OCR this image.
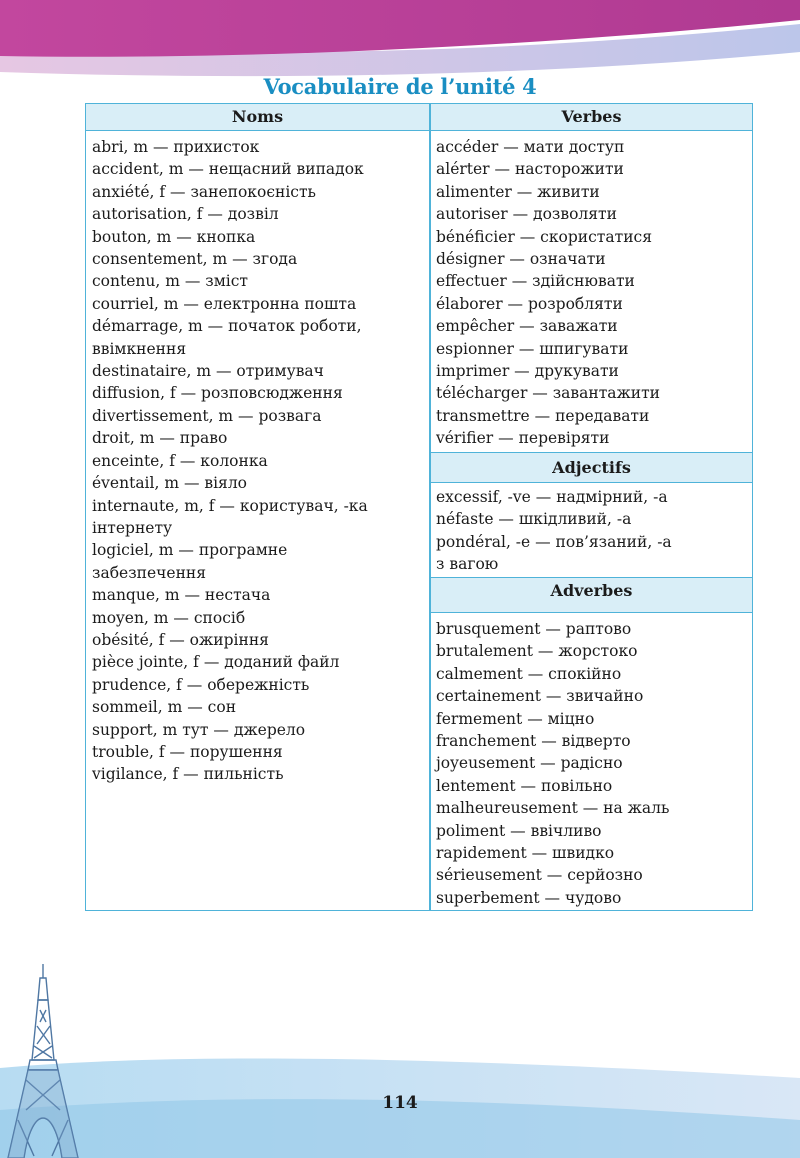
Vocabulaire de l’unité 4
Noms	Verbes
Adjectifs
Adverbes
abri, m — прихисток
accident, m — нещасний випадок
anxiété, f — занепокоєність
autorisation, f — дозвіл
bouton, m — кнопка
consentement, m — згода
contenu, m — зміст
courriel, m — електронна пошта
démarrage, m — початок роботи,
ввімкнення
destinataire, m — отримувач
diffusion, f — розповсюдження
divertissement, m — розвага
droit, m — право
enceinte, f — колонка
éventail, m — віяло
internaute, m, f — користувач, -ка
інтернету
logiciel, m — програмне
забезпечення
manque, m — нестача
moyen, m — спосіб
obésité, f — ожиріння
pièce jointe, f — доданий файл
prudence, f — обережність
sommeil, m — сон
support, m тут — джерело
trouble, f — порушення
vigilance, f — пильність
accéder — мати доступ
alérter — насторожити
alimenter — живити
autoriser — дозволяти
bénéficier — скористатися
désigner — означати
effectuer — здійснювати
élaborer — розробляти
empêcher — заважати
espionner — шпигувати
imprimer — друкувати
télécharger — завантажити
transmettre — передавати
vérifier — перевіряти
excessif, -ve — надмірний, -а
néfaste — шкідливий, -а
pondéral, -e — пов’язаний, -а
з вагою
brusquement — раптово
brutalement — жорстоко
calmement — спокійно
certainement — звичайно
fermement — міцно
franchement — відверто
joyeusement — радісно
lentement — повільно
malheureusement — на жаль
poliment — ввічливо
rapidement — швидко
sérieusement — серйозно
superbement — чудово
114
